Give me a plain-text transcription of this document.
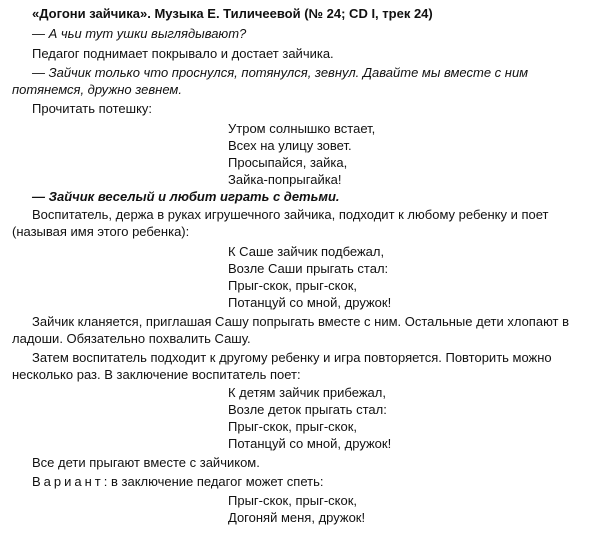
«Догони зайчика». Музыка Е. Тиличеевой (№ 24; CD I, трек 24)
— А чьи тут ушки выглядывают?
Педагог поднимает покрывало и достает зайчика.
— Зайчик только что проснулся, потянулся, зевнул. Давайте мы вместе с ним
потянемся, дружно зевнем.
Прочитать потешку:
Утром солнышко встает,
Всех на улицу зовет.
Просыпайся, зайка,
Зайка-попрыгайка!
— Зайчик веселый и любит играть с детьми.
Воспитатель, держа в руках игрушечного зайчика, подходит к любому ребенку и поет
(называя имя этого ребенка):
К Саше зайчик подбежал,
Возле Саши прыгать стал:
Прыг-скок, прыг-скок,
Потанцуй со мной, дружок!
Зайчик кланяется, приглашая Сашу попрыгать вместе с ним. Остальные дети хлопают в
ладоши. Обязательно похвалить Сашу.
Затем воспитатель подходит к другому ребенку и игра повторяется. Повторить можно
несколько раз. В заключение воспитатель поет:
К детям зайчик прибежал,
Возле деток прыгать стал:
Прыг-скок, прыг-скок,
Потанцуй со мной, дружок!
Все дети прыгают вместе с зайчиком.
Вариант: в заключение педагог может спеть:
Прыг-скок, прыг-скок,
Догоняй меня, дружок!
